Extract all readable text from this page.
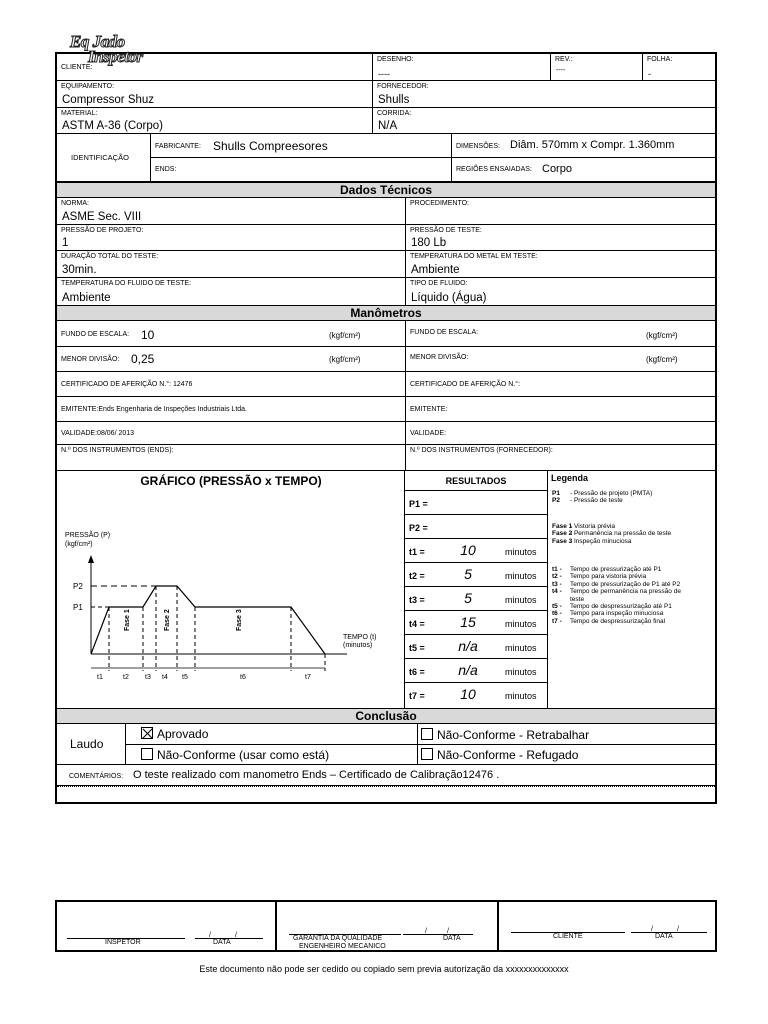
Eq Jado
Inspetor
CLIENTE:
DESENHO:
----
REV.:
----
FOLHA:
-
EQUIPAMENTO:
Compressor Shuz
FORNECEDOR:
Shulls
MATERIAL:
ASTM A-36 (Corpo)
CORRIDA:
N/A
IDENTIFICAÇÃO
FABRICANTE: Shulls Compreesores
ENDS:
DIMENSÕES: Diâm. 570mm x Compr. 1.360mm
REGIÕES ENSAIADAS: Corpo
Dados Técnicos
NORMA:
ASME Sec. VIII
PROCEDIMENTO:
PRESSÃO DE PROJETO:
1
PRESSÃO DE TESTE:
180 Lb
DURAÇÃO TOTAL DO TESTE:
30min.
TEMPERATURA DO METAL EM TESTE:
Ambiente
TEMPERATURA DO FLUIDO DE TESTE:
Ambiente
TIPO DE FLUIDO:
Líquido (Água)
Manômetros
FUNDO DE ESCALA: 10	(kgf/cm²)	FUNDO DE ESCALA:	(kgf/cm²)
MENOR DIVISÃO: 0,25	(kgf/cm²)	MENOR DIVISÃO:	(kgf/cm²)
CERTIFICADO DE AFERIÇÃO N.°: 12476	CERTIFICADO DE AFERIÇÃO N.°:
EMITENTE:Ends Engenharia de Inspeções Industriais Ltda.	EMITENTE:
VALIDADE:08/06/ 2013	VALIDADE:
N.º DOS INSTRUMENTOS (ENDS):	N.º DOS INSTRUMENTOS (FORNECEDOR):
GRÁFICO (PRESSÃO x TEMPO)
PRESSÃO (P)
(kgf/cm²)
P2
P1
TEMPO (t)
(minutos)
Fase 1	Fase 2	Fase 3
t1	t2 t3 t4 t5	t6	t7
RESULTADOS
P1 =
P2 =
t1 =	10	minutos
t2 =	5	minutos
t3 =	5	minutos
t4 =	15	minutos
t5 =	n/a	minutos
t6 =	n/a	minutos
t7 =	10	minutos
Legenda
P1 - Pressão de projeto (PMTA)
P2 - Pressão de teste
Fase 1- Vistoria prévia
Fase 2- Permanência na pressão de teste
Fase 3- Inspeção minuciosa
t1 - Tempo de pressurização até P1
t2 - Tempo para vistoria prévia
t3 - Tempo de pressurização de P1 até P2
t4 - Tempo de permanência na pressão de
teste
t5 - Tempo de despressurização até P1
t6 - Tempo para inspeção minuciosa
t7 - Tempo de despressurização final
Conclusão
Laudo
Aprovado
Não-Conforme (usar como está)
Não-Conforme - Retrabalhar
Não-Conforme - Refugado
COMENTÁRIOS: O teste realizado com manometro Ends – Certificado de Calibração12476 .
INSPETOR
/	/
DATA
GARANTIA DA QUALIDADE
ENGENHEIRO MECANICO
/	/
DATA	CLIENTE
/	/
DATA
Este documento não pode ser cedido ou copiado sem previa autorização da xxxxxxxxxxxxxx
